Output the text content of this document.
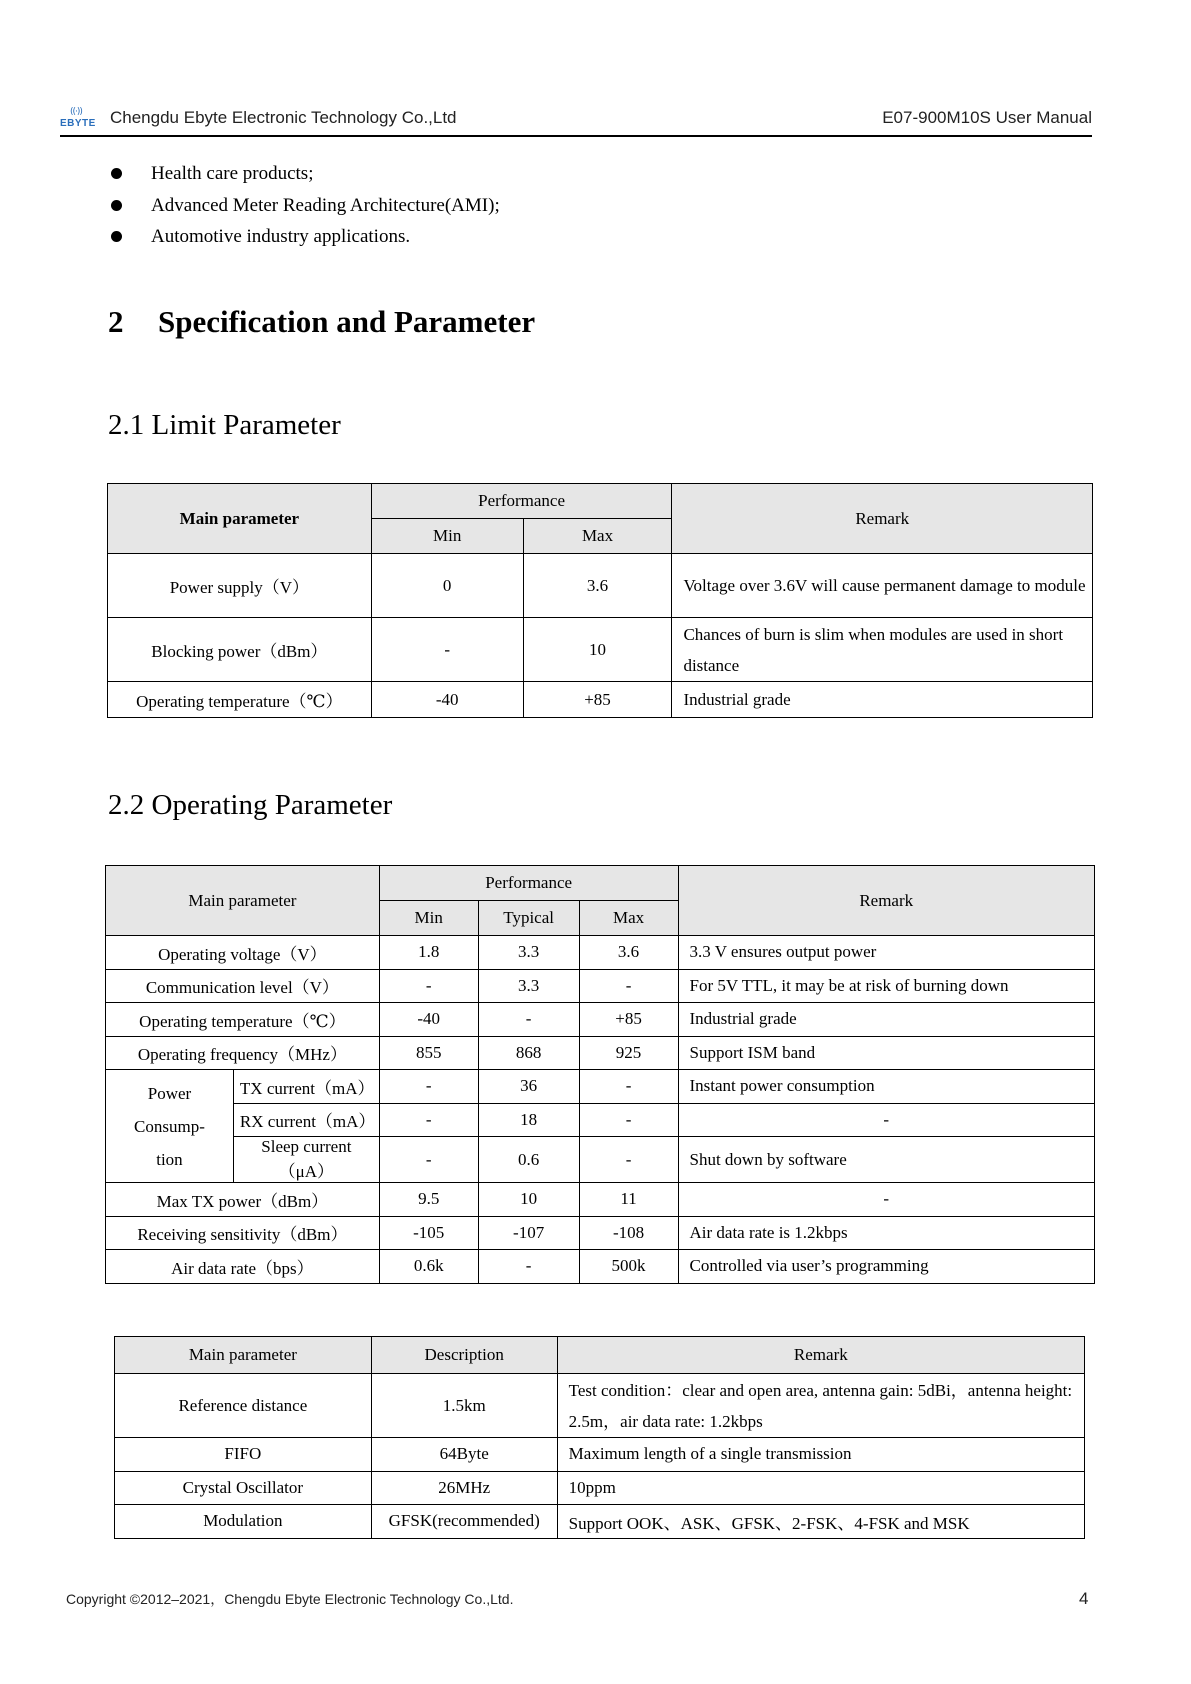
((·))
EBYTE Chengdu Ebyte Electronic Technology Co.,Ltd	E07-900M10S User Manual
Health care products;
Advanced Meter Reading Architecture(AMI);
Automotive industry applications.
2 Specification and Parameter
2.1 Limit Parameter
Main parameter	Performance		Remark
	Min	Max	
Power supply（V）	0	3.6	Voltage over 3.6V will cause permanent damage to module
Blocking power（dBm）	-	10	Chances of burn is slim when modules are used in short distance
Operating temperature（℃）	-40	+85	Industrial grade
2.2 Operating Parameter
Main parameter		Performance			Remark
		Min	Typical	Max	
Operating voltage（V）		1.8	3.3	3.6	3.3 V ensures output power
Communication level（V）		-	3.3	-	For 5V TTL, it may be at risk of burning down
Operating temperature（℃）		-40	-	+85	Industrial grade
Operating frequency（MHz）		855	868	925	Support ISM band

Power
Consump-
tion	TX current（mA）	-	36	-	Instant power consumption
	RX current（mA）	-	18	-	-
	Sleep current （μA）	-	0.6	-	Shut down by software
Max TX power（dBm）		9.5	10	11	-
Receiving sensitivity（dBm）		-105	-107	-108	Air data rate is 1.2kbps
Air data rate（bps）		0.6k	-	500k	Controlled via user’s programming
Main parameter	Description	Remark
Reference distance	1.5km	Test condition：clear and open area, antenna gain: 5dBi，antenna height: 2.5m，air data rate: 1.2kbps
FIFO	64Byte	Maximum length of a single transmission
Crystal Oscillator	26MHz	10ppm
Modulation	GFSK(recommended)	Support OOK、ASK、GFSK、2-FSK、4-FSK and MSK
Copyright ©2012–2021，Chengdu Ebyte Electronic Technology Co.,Ltd.	4
